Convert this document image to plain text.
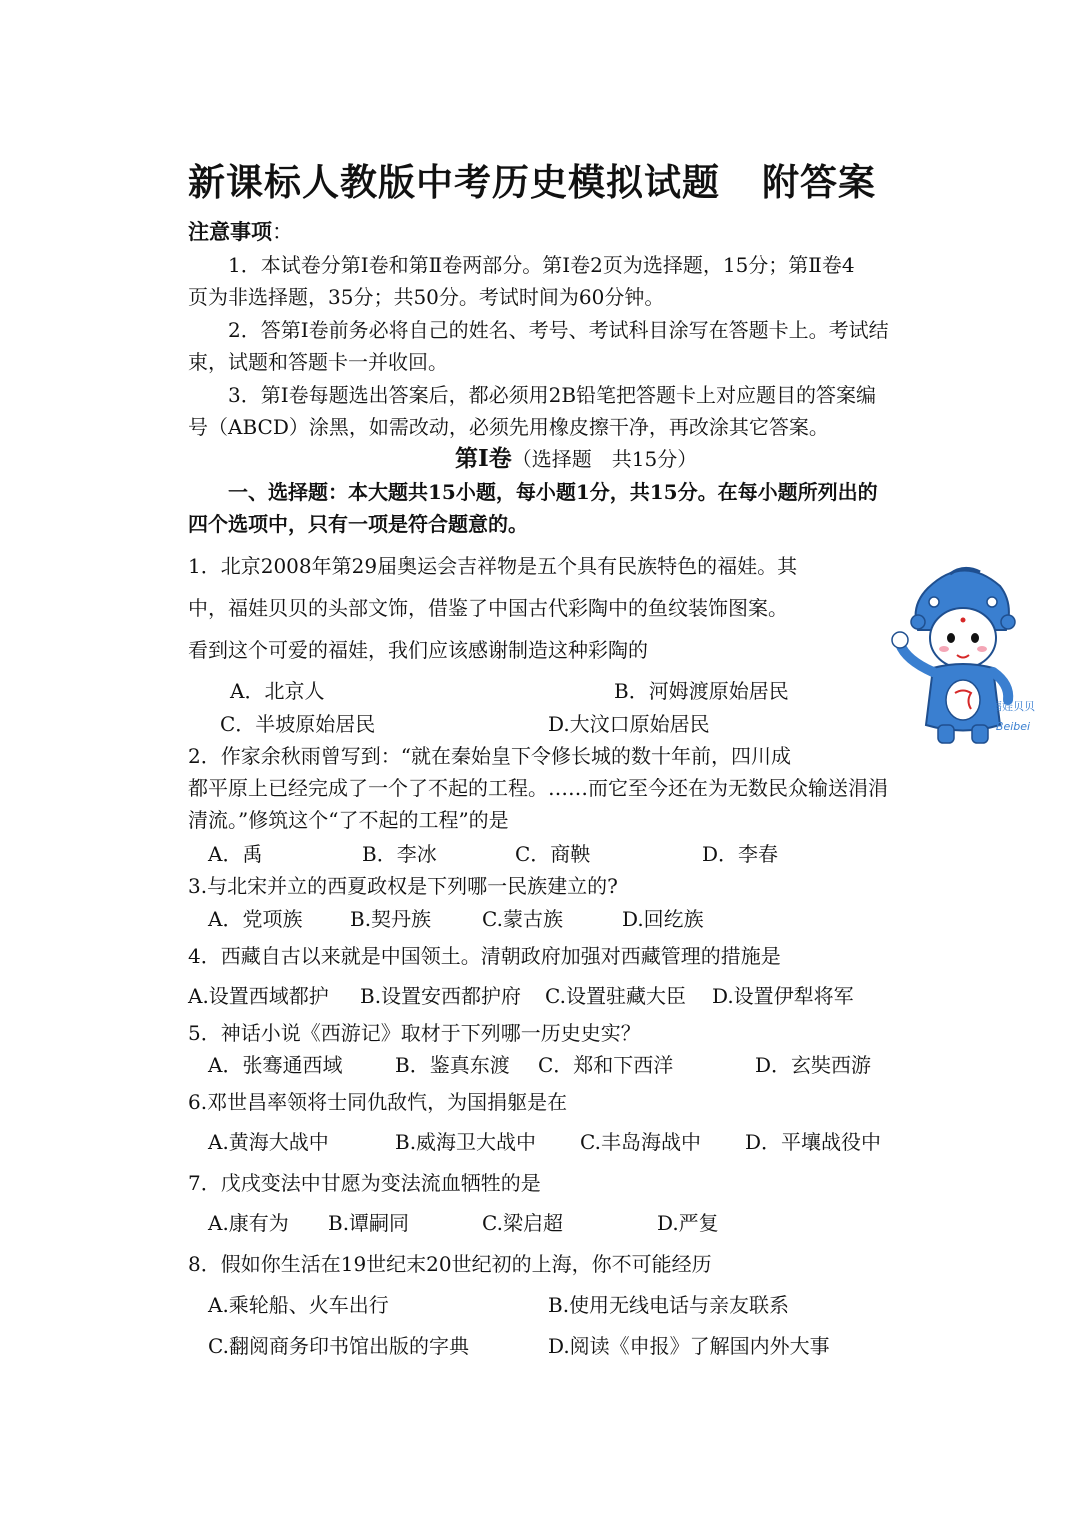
新课标人教版中考历史模拟试题 附答案
注意事项：
1．本试卷分第Ⅰ卷和第Ⅱ卷两部分。第Ⅰ卷2页为选择题，15分；第Ⅱ卷4
页为非选择题，35分；共50分。考试时间为60分钟。
2．答第Ⅰ卷前务必将自己的姓名、考号、考试科目涂写在答题卡上。考试结
束，试题和答题卡一并收回。
3．第Ⅰ卷每题选出答案后，都必须用2B铅笔把答题卡上对应题目的答案编
号（ABCD）涂黑，如需改动，必须先用橡皮擦干净，再改涂其它答案。
第Ⅰ卷（选择题　共15分）
一、选择题：本大题共15小题，每小题1分，共15分。在每小题所列出的
四个选项中，只有一项是符合题意的。
1．北京2008年第29届奥运会吉祥物是五个具有民族特色的福娃。其
中，福娃贝贝的头部文饰，借鉴了中国古代彩陶中的鱼纹装饰图案。
看到这个可爱的福娃，我们应该感谢制造这种彩陶的
A．北京人	B．河姆渡原始居民
C．半坡原始居民	D.大汶口原始居民
福娃贝贝
Beibei
2．作家余秋雨曾写到：“就在秦始皇下令修长城的数十年前，四川成
都平原上已经完成了一个了不起的工程。……而它至今还在为无数民众输送涓涓
清流。”修筑这个“了不起的工程”的是
A．禹	B．李冰	C．商鞅	D．李春
3.与北宋并立的西夏政权是下列哪一民族建立的?
A．党项族 B.契丹族	C.蒙古族	D.回纥族
4．西藏自古以来就是中国领土。清朝政府加强对西藏管理的措施是
A.设置西域都护 B.设置安西都护府 C.设置驻藏大臣 D.设置伊犁将军
5．神话小说《西游记》取材于下列哪一历史史实？
A．张骞通西域	B．鉴真东渡 C．郑和下西洋	D．玄奘西游
6.邓世昌率领将士同仇敌忾，为国捐躯是在
A.黄海大战中	B.威海卫大战中 C.丰岛海战中 D．平壤战役中
7．戊戌变法中甘愿为变法流血牺牲的是
A.康有为 B.谭嗣同	C.梁启超	D.严复
8．假如你生活在19世纪末20世纪初的上海，你不可能经历
A.乘轮船、火车出行	B.使用无线电话与亲友联系
C.翻阅商务印书馆出版的字典	D.阅读《申报》了解国内外大事
